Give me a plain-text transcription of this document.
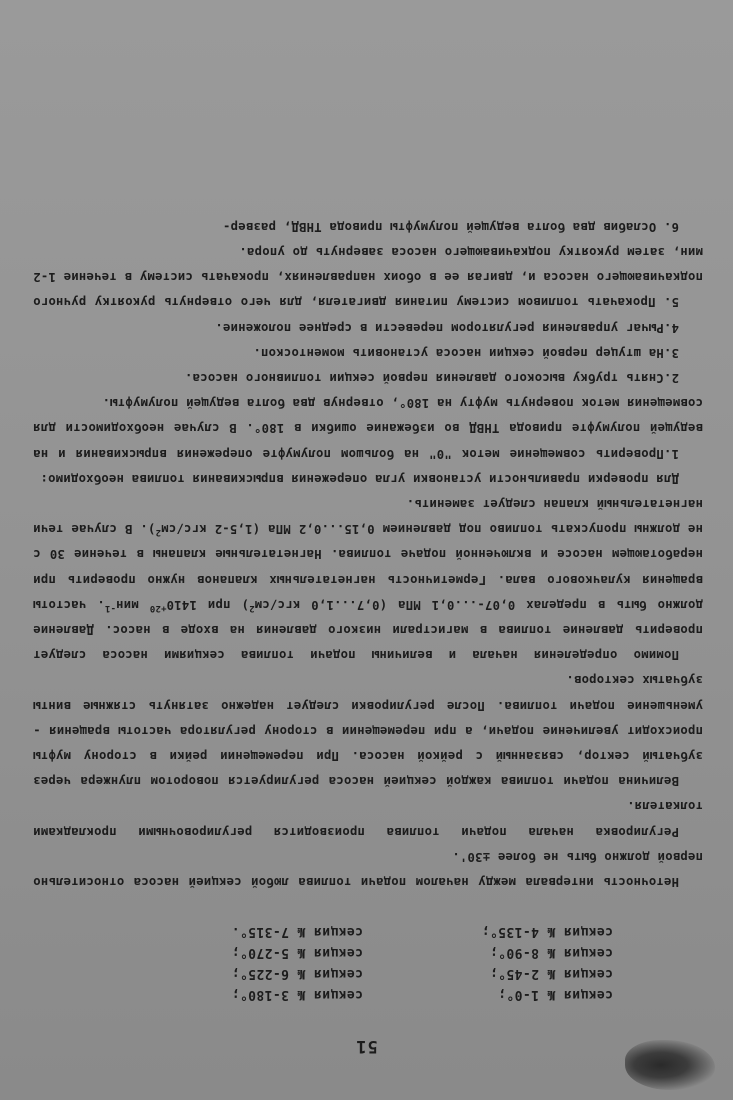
51
секция № 1-0°;
секция № 3-180°;
секция № 2-45°;
секция № 6-225°;
секция № 8-90°;
секция № 5-270°;
секция № 4-135°;
секция № 7-315°.

Неточность интервала между началом подачи топлива любой секцией насоса относительно первой должно быть не более ±30'.

Регулировка начала подачи топлива производится регулировочными прокладками толкателя.

Величина подачи топлива каждой секцией насоса регулируется поворотом плунжера через зубчатый сектор, связанный с рейкой насоса. При перемещении рейки в сторону муфты происходит увеличение подачи, а при перемещении в сторону регулятора частоты вращения - уменьшение подачи топлива. После регулировки следует надежно затянуть стяжные винты зубчатых секторов.

Помимо определения начала и величины подачи топлива секциями насоса следует проверить давление топлива в магистрали низкого давления на входе в насос. Давление должно быть в пределах 0,07-...0,1 МПа (0,7...1,0 кгс/$см^2$) при $1410^{+20}$ мин$^{-1}$. частоты вращения кулачкового вала. Герметичность нагнетательных клапанов нужно проверить при неработающем насосе и включенной подаче топлива. Нагнетательные клапаны в течение 30 с не должны пропускать топливо под давлением 0,15...0,2 МПа (1,5-2 кгс/$см^2$). В случае течи нагнетательный клапан следует заменить.

Для проверки правильности установки угла опережения впрыскивания топлива необходимо:

1.Проверить совмещение меток "0" на большом полумуфте опережения впрыскивания и на ведущей полумуфте привода ТНВД во избежание ошибки в 180°. В случае необходимости для совмещения меток повернуть муфту на 180°, отвернув два болта ведущей полумуфты.

2.Снять трубку высокого давления первой секции топливного насоса.

3.На штуцер первой секции насоса установить моментоскоп.

4.Рычаг управления регулятором перевести в среднее положение.

5. Прокачать топливом систему питания двигателя, для чего отвернуть рукоятку ручного подкачивающего насоса и, двигая ее в обоих направлениях, прокачать систему в течение 1-2 мин, затем рукоятку подкачивающего насоса завернуть до упора.

6. Ослабив два болта ведущей полумуфты привода ТНВД, развер-
